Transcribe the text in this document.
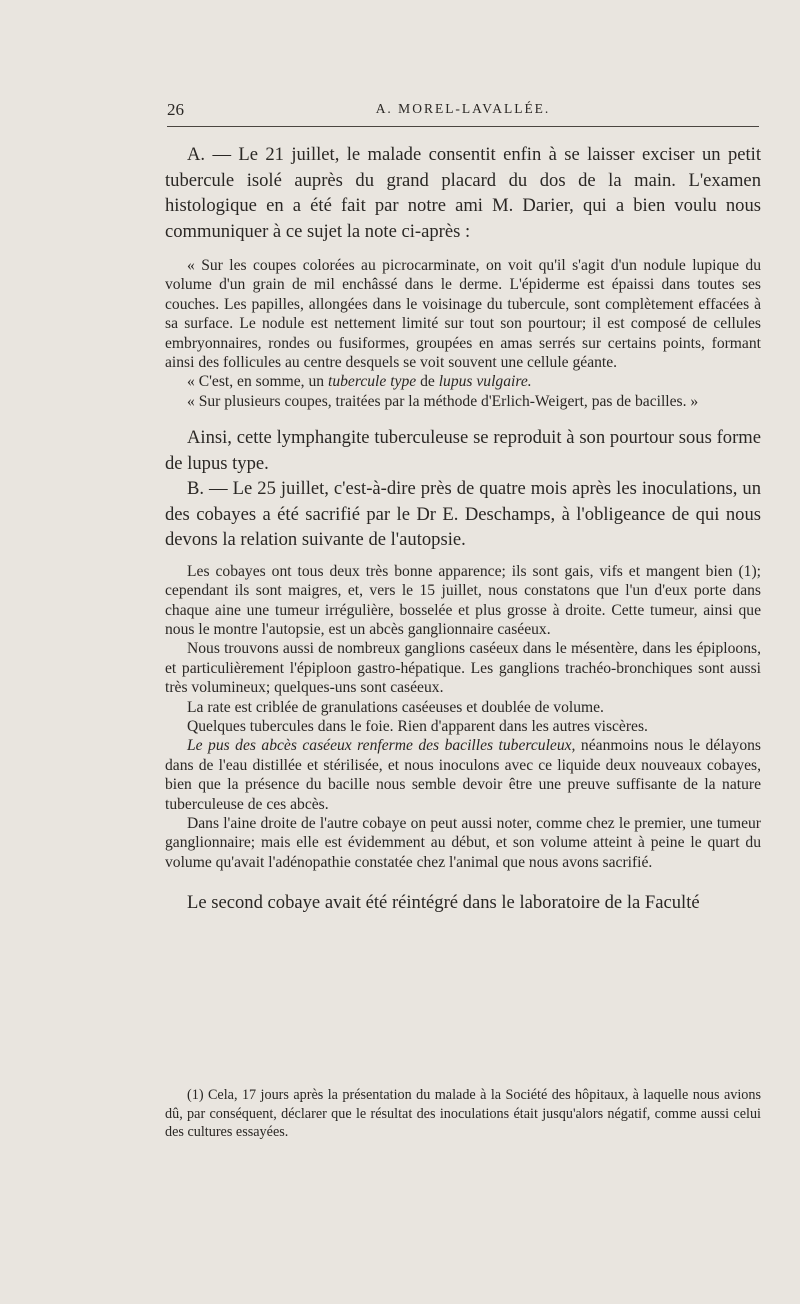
26	A. MOREL-LAVALLÉE.

A. — Le 21 juillet, le malade consentit enfin à se laisser exciser un petit tubercule isolé auprès du grand placard du dos de la main. L'examen histologique en a été fait par notre ami M. Darier, qui a bien voulu nous communiquer à ce sujet la note ci-après :

« Sur les coupes colorées au picrocarminate, on voit qu'il s'agit d'un nodule lupique du volume d'un grain de mil enchâssé dans le derme. L'épiderme est épaissi dans toutes ses couches. Les papilles, allongées dans le voisinage du tubercule, sont complètement effacées à sa surface. Le nodule est nettement limité sur tout son pourtour; il est composé de cellules embryonnaires, rondes ou fusiformes, groupées en amas serrés sur certains points, formant ainsi des follicules au centre desquels se voit souvent une cellule géante.

« C'est, en somme, un tubercule type de lupus vulgaire.

« Sur plusieurs coupes, traitées par la méthode d'Erlich-Weigert, pas de bacilles. »

Ainsi, cette lymphangite tuberculeuse se reproduit à son pourtour sous forme de lupus type.

B. — Le 25 juillet, c'est-à-dire près de quatre mois après les inoculations, un des cobayes a été sacrifié par le Dr E. Deschamps, à l'obligeance de qui nous devons la relation suivante de l'autopsie.

Les cobayes ont tous deux très bonne apparence; ils sont gais, vifs et mangent bien (1); cependant ils sont maigres, et, vers le 15 juillet, nous constatons que l'un d'eux porte dans chaque aine une tumeur irrégulière, bosselée et plus grosse à droite. Cette tumeur, ainsi que nous le montre l'autopsie, est un abcès ganglionnaire caséeux.

Nous trouvons aussi de nombreux ganglions caséeux dans le mésentère, dans les épiploons, et particulièrement l'épiploon gastro-hépatique. Les ganglions trachéo-bronchiques sont aussi très volumineux; quelques-uns sont caséeux.

La rate est criblée de granulations caséeuses et doublée de volume.

Quelques tubercules dans le foie. Rien d'apparent dans les autres viscères.

Le pus des abcès caséeux renferme des bacilles tuberculeux, néanmoins nous le délayons dans de l'eau distillée et stérilisée, et nous inoculons avec ce liquide deux nouveaux cobayes, bien que la présence du bacille nous semble devoir être une preuve suffisante de la nature tuberculeuse de ces abcès.

Dans l'aine droite de l'autre cobaye on peut aussi noter, comme chez le premier, une tumeur ganglionnaire; mais elle est évidemment au début, et son volume atteint à peine le quart du volume qu'avait l'adénopathie constatée chez l'animal que nous avons sacrifié.

Le second cobaye avait été réintégré dans le laboratoire de la Faculté

(1) Cela, 17 jours après la présentation du malade à la Société des hôpitaux, à laquelle nous avions dû, par conséquent, déclarer que le résultat des inoculations était jusqu'alors négatif, comme aussi celui des cultures essayées.
